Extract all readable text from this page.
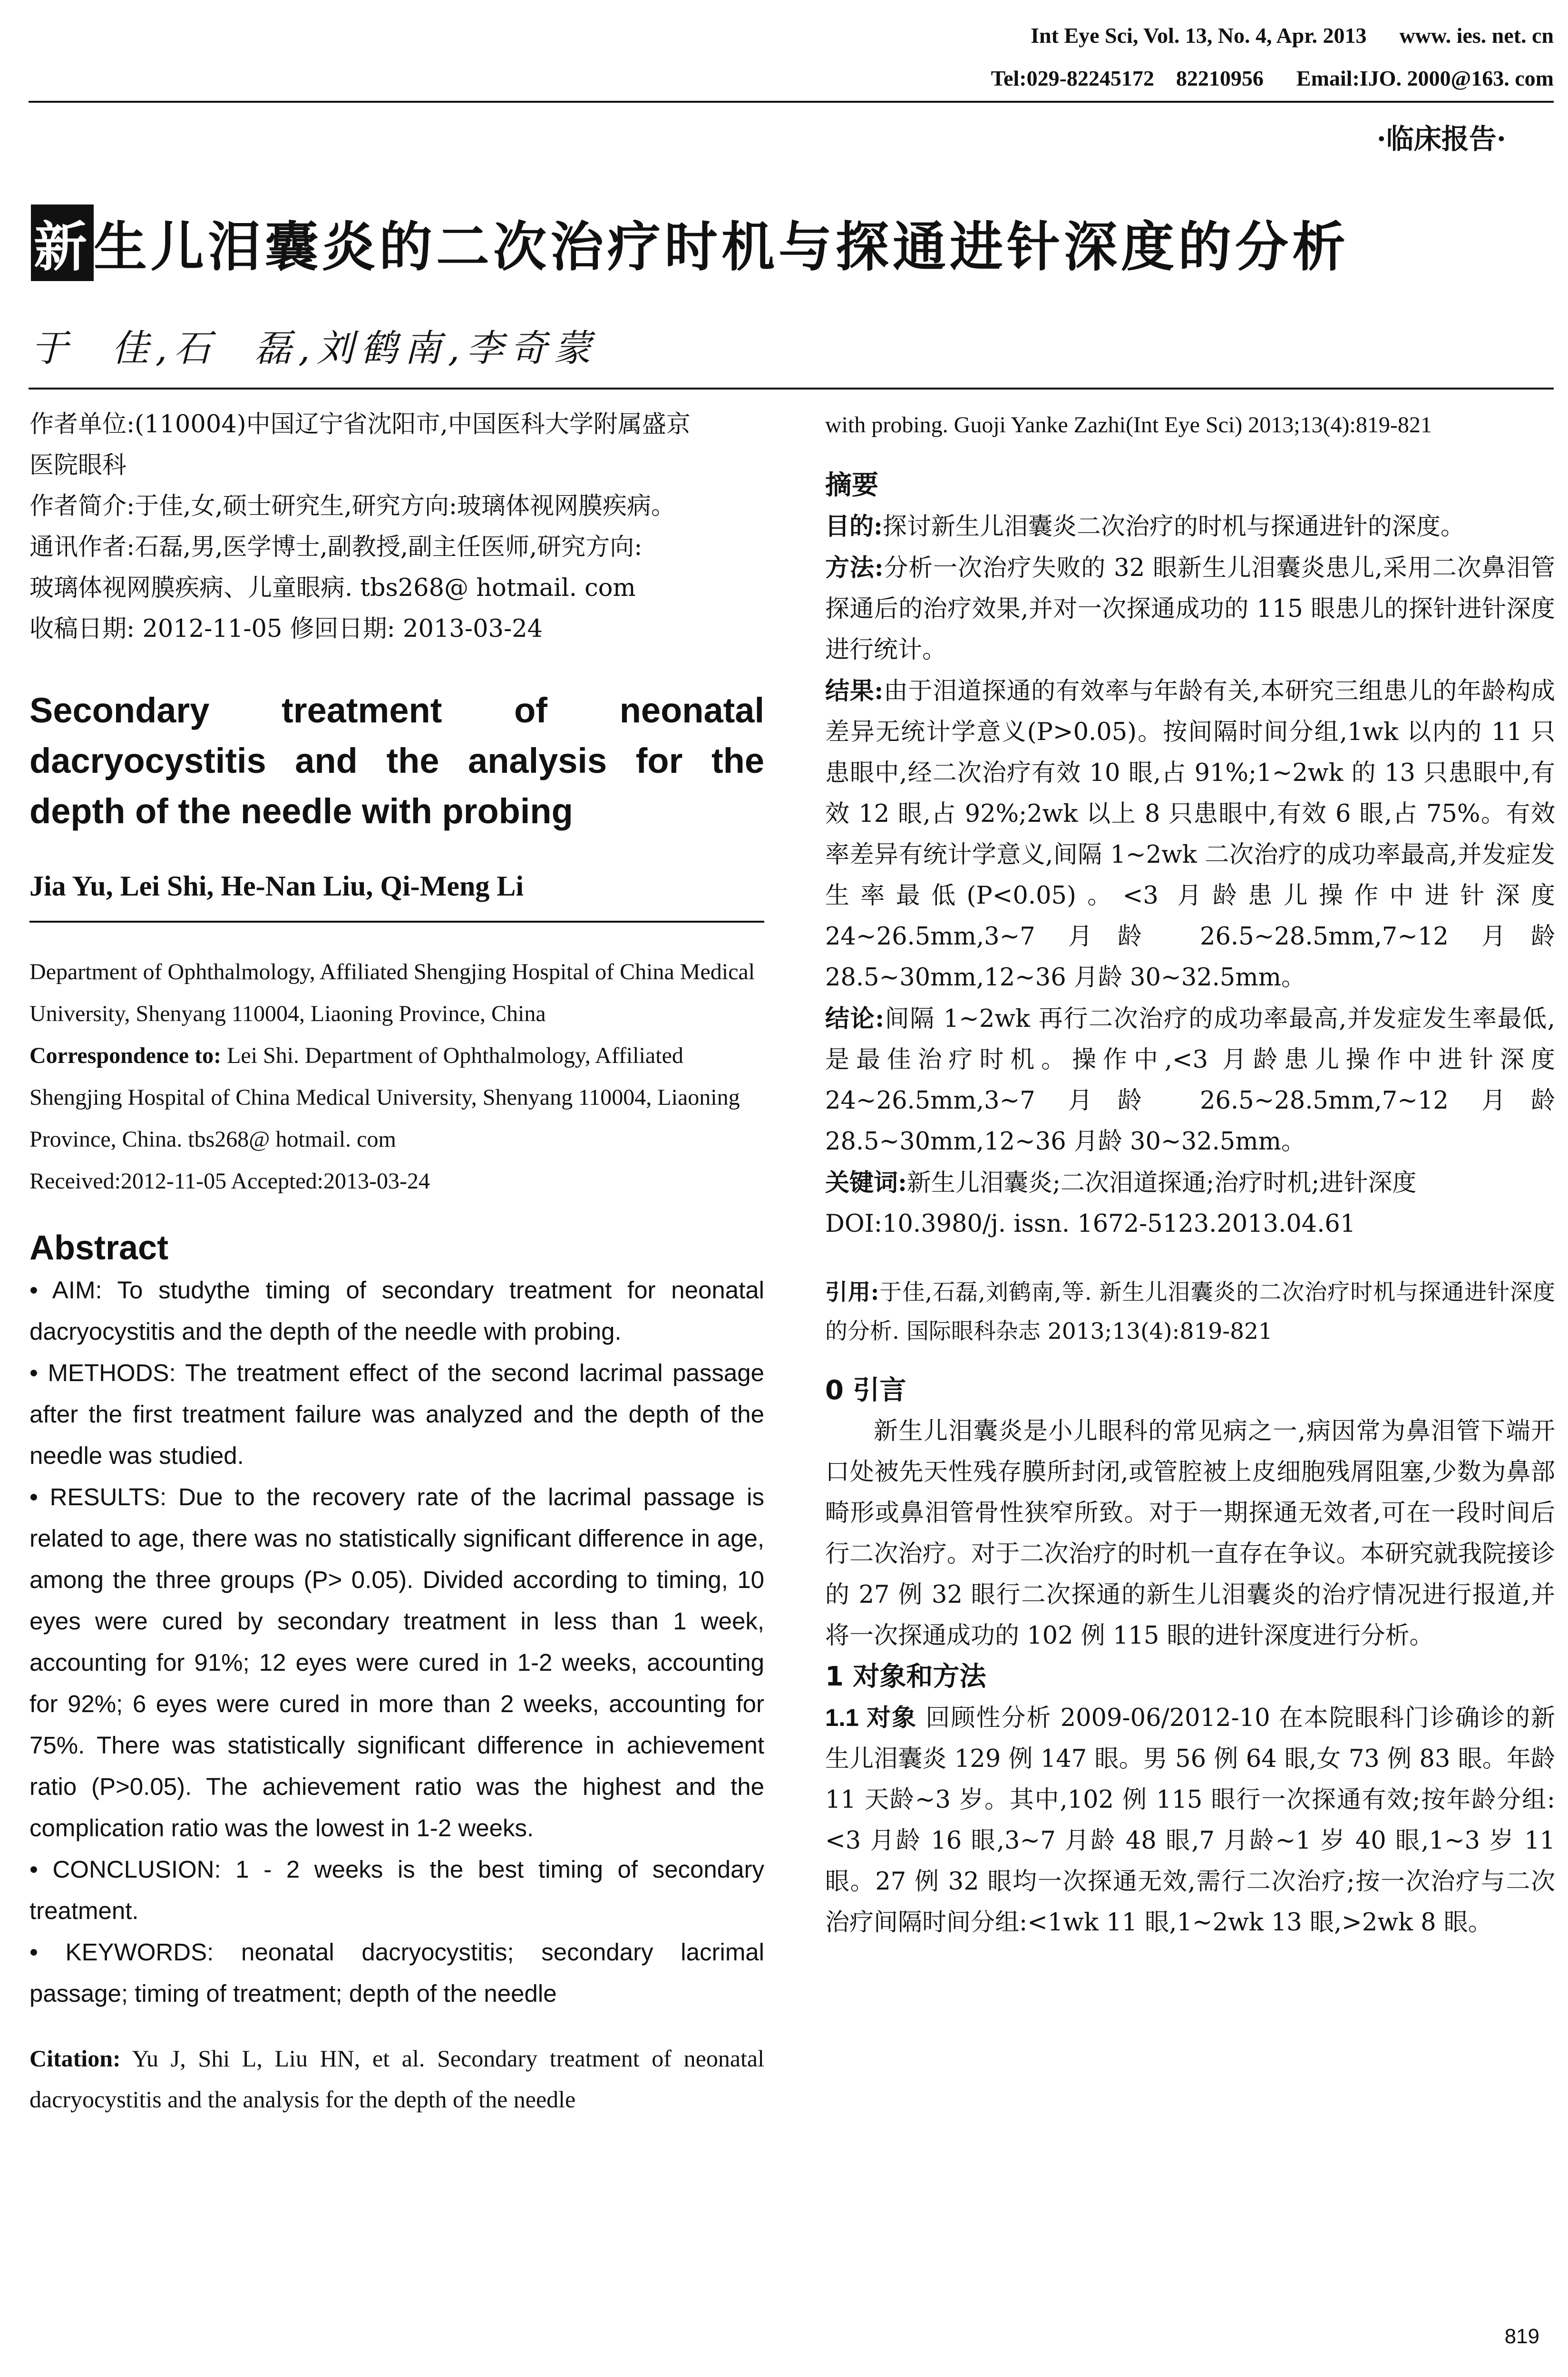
Int Eye Sci, Vol. 13, No. 4, Apr. 2013      www. ies. net. cn
Tel:029-82245172    82210956      Email:IJO. 2000@163. com
·临床报告·
新生儿泪囊炎的二次治疗时机与探通进针深度的分析
于  佳,石  磊,刘鹤南,李奇蒙

作者单位:(110004)中国辽宁省沈阳市,中国医科大学附属盛京

医院眼科

作者简介:于佳,女,硕士研究生,研究方向:玻璃体视网膜疾病。

通讯作者:石磊,男,医学博士,副教授,副主任医师,研究方向:

玻璃体视网膜疾病、儿童眼病. tbs268@ hotmail. com

收稿日期: 2012-11-05 修回日期: 2013-03-24

Secondary treatment of neonatal dacryocystitis and the analysis for the depth of the needle with probing

Jia Yu, Lei Shi, He-Nan Liu, Qi-Meng Li

Department of Ophthalmology, Affiliated Shengjing Hospital of China Medical University, Shenyang 110004, Liaoning Province, China

Correspondence to: Lei Shi. Department of Ophthalmology, Affiliated Shengjing Hospital of China Medical University, Shenyang 110004, Liaoning Province, China. tbs268@ hotmail. com

Received:2012-11-05 Accepted:2013-03-24

Abstract

• AIM: To studythe timing of secondary treatment for neonatal dacryocystitis and the depth of the needle with probing.

• METHODS: The treatment effect of the second lacrimal passage after the first treatment failure was analyzed and the depth of the needle was studied.

• RESULTS: Due to the recovery rate of the lacrimal passage is related to age, there was no statistically significant difference in age, among the three groups (P> 0.05). Divided according to timing, 10 eyes were cured by secondary treatment in less than 1 week, accounting for 91%; 12 eyes were cured in 1-2 weeks, accounting for 92%; 6 eyes were cured in more than 2 weeks, accounting for 75%. There was statistically significant difference in achievement ratio (P>0.05). The achievement ratio was the highest and the complication ratio was the lowest in 1-2 weeks.

• CONCLUSION: 1 - 2 weeks is the best timing of secondary treatment.

• KEYWORDS: neonatal dacryocystitis; secondary lacrimal passage; timing of treatment; depth of the needle

Citation: Yu J, Shi L, Liu HN, et al. Secondary treatment of neonatal dacryocystitis and the analysis for the depth of the needle

with probing. Guoji Yanke Zazhi(Int Eye Sci) 2013;13(4):819-821

摘要

目的:探讨新生儿泪囊炎二次治疗的时机与探通进针的深度。

方法:分析一次治疗失败的 32 眼新生儿泪囊炎患儿,采用二次鼻泪管探通后的治疗效果,并对一次探通成功的 115 眼患儿的探针进针深度进行统计。

结果:由于泪道探通的有效率与年龄有关,本研究三组患儿的年龄构成差异无统计学意义(P>0.05)。按间隔时间分组,1wk 以内的 11 只患眼中,经二次治疗有效 10 眼,占 91%;1~2wk 的 13 只患眼中,有效 12 眼,占 92%;2wk 以上 8 只患眼中,有效 6 眼,占 75%。有效率差异有统计学意义,间隔 1~2wk 二次治疗的成功率最高,并发症发生率最低(P<0.05)。<3 月龄患儿操作中进针深度 24~26.5mm,3~7 月龄 26.5~28.5mm,7~12 月龄 28.5~30mm,12~36 月龄 30~32.5mm。

结论:间隔 1~2wk 再行二次治疗的成功率最高,并发症发生率最低,是最佳治疗时机。操作中,<3 月龄患儿操作中进针深度 24~26.5mm,3~7 月龄 26.5~28.5mm,7~12 月龄 28.5~30mm,12~36 月龄 30~32.5mm。

关键词:新生儿泪囊炎;二次泪道探通;治疗时机;进针深度

DOI:10.3980/j. issn. 1672-5123.2013.04.61

引用:于佳,石磊,刘鹤南,等. 新生儿泪囊炎的二次治疗时机与探通进针深度的分析. 国际眼科杂志 2013;13(4):819-821

0 引言

新生儿泪囊炎是小儿眼科的常见病之一,病因常为鼻泪管下端开口处被先天性残存膜所封闭,或管腔被上皮细胞残屑阻塞,少数为鼻部畸形或鼻泪管骨性狭窄所致。对于一期探通无效者,可在一段时间后行二次治疗。对于二次治疗的时机一直存在争议。本研究就我院接诊的 27 例 32 眼行二次探通的新生儿泪囊炎的治疗情况进行报道,并将一次探通成功的 102 例 115 眼的进针深度进行分析。

1 对象和方法

1.1 对象 回顾性分析 2009-06/2012-10 在本院眼科门诊确诊的新生儿泪囊炎 129 例 147 眼。男 56 例 64 眼,女 73 例 83 眼。年龄 11 天龄~3 岁。其中,102 例 115 眼行一次探通有效;按年龄分组:<3 月龄 16 眼,3~7 月龄 48 眼,7 月龄~1 岁 40 眼,1~3 岁 11 眼。27 例 32 眼均一次探通无效,需行二次治疗;按一次治疗与二次治疗间隔时间分组:<1wk 11 眼,1~2wk 13 眼,>2wk 8 眼。

819
